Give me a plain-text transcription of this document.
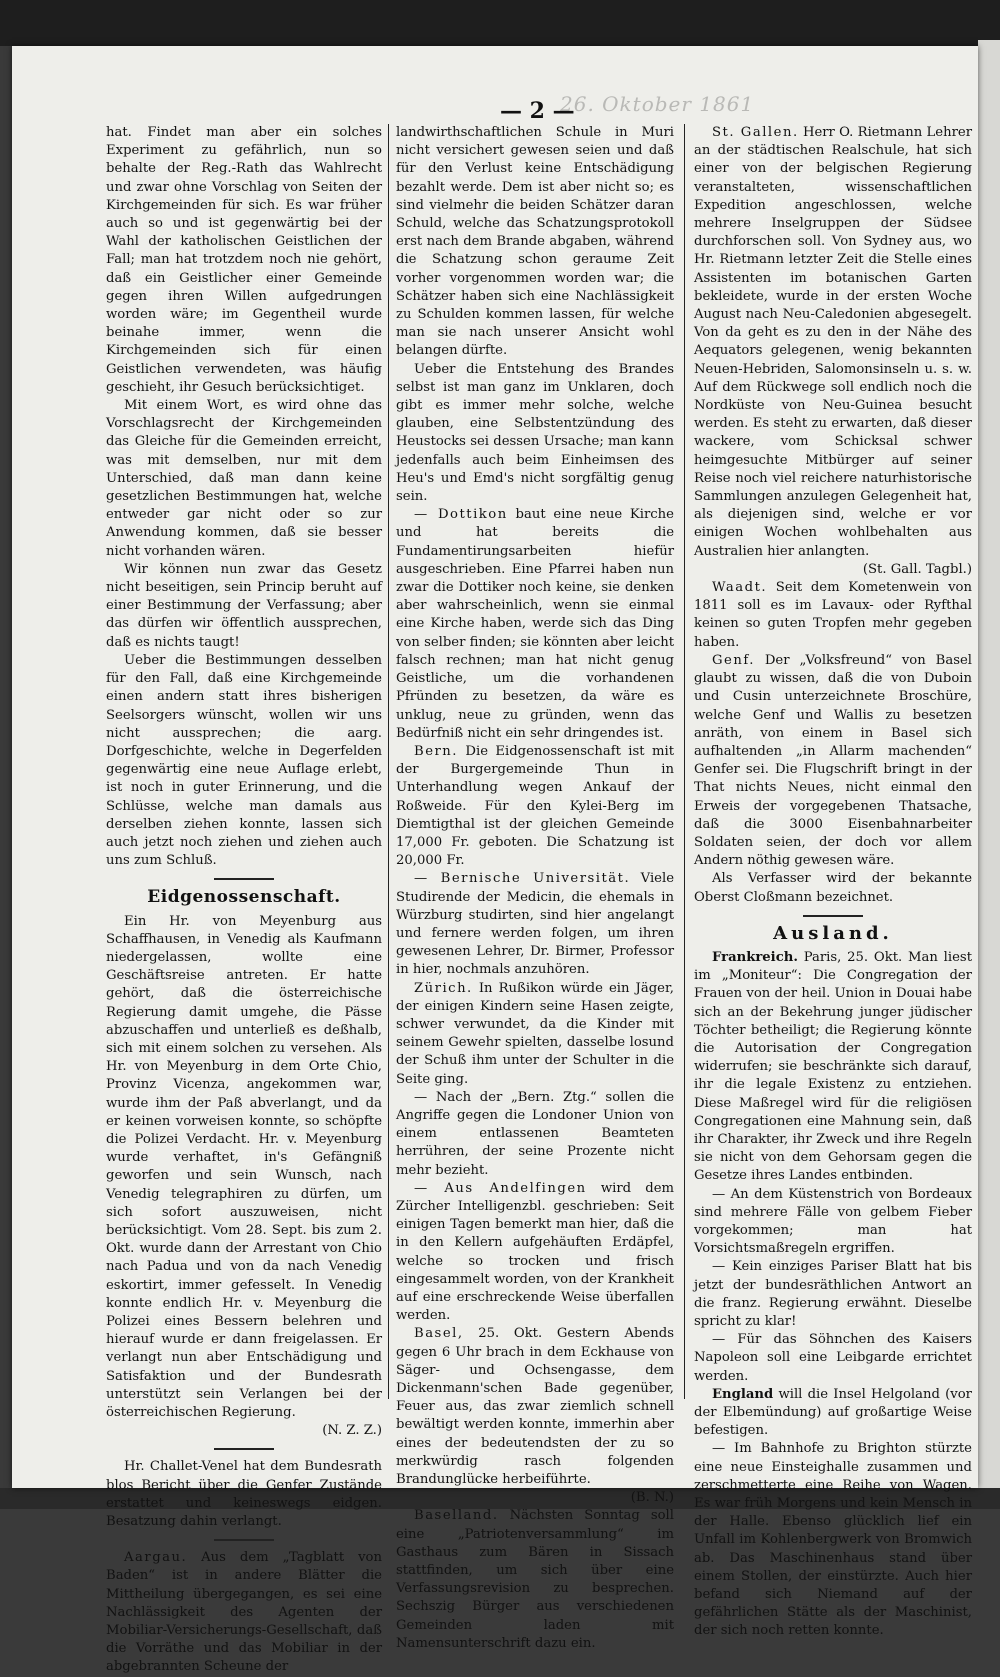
26. Oktober 1861
— 2 —

hat. Findet man aber ein solches Experiment zu gefährlich, nun so behalte der Reg.-Rath das Wahlrecht und zwar ohne Vorschlag von Seiten der Kirchgemeinden für sich. Es war früher auch so und ist gegenwärtig bei der Wahl der katholischen Geistlichen der Fall; man hat trotzdem noch nie gehört, daß ein Geistlicher einer Gemeinde gegen ihren Willen aufgedrungen worden wäre; im Gegentheil wurde beinahe immer, wenn die Kirchgemeinden sich für einen Geistlichen verwendeten, was häufig geschieht, ihr Gesuch berücksichtiget.

Mit einem Wort, es wird ohne das Vorschlagsrecht der Kirchgemeinden das Gleiche für die Gemeinden erreicht, was mit demselben, nur mit dem Unterschied, daß man dann keine gesetzlichen Bestimmungen hat, welche entweder gar nicht oder so zur Anwendung kommen, daß sie besser nicht vorhanden wären.

Wir können nun zwar das Gesetz nicht beseitigen, sein Princip beruht auf einer Bestimmung der Verfassung; aber das dürfen wir öffentlich aussprechen, daß es nichts taugt!

Ueber die Bestimmungen desselben für den Fall, daß eine Kirchgemeinde einen andern statt ihres bisherigen Seelsorgers wünscht, wollen wir uns nicht aussprechen; die aarg. Dorfgeschichte, welche in Degerfelden gegenwärtig eine neue Auflage erlebt, ist noch in guter Erinnerung, und die Schlüsse, welche man damals aus derselben ziehen konnte, lassen sich auch jetzt noch ziehen und ziehen auch uns zum Schluß.

Eidgenossenschaft.

Ein Hr. von Meyenburg aus Schaffhausen, in Venedig als Kaufmann niedergelassen, wollte eine Geschäftsreise antreten. Er hatte gehört, daß die österreichische Regierung damit umgehe, die Pässe abzuschaffen und unterließ es deßhalb, sich mit einem solchen zu versehen. Als Hr. von Meyenburg in dem Orte Chio, Provinz Vicenza, angekommen war, wurde ihm der Paß abverlangt, und da er keinen vorweisen konnte, so schöpfte die Polizei Verdacht. Hr. v. Meyenburg wurde verhaftet, in's Gefängniß geworfen und sein Wunsch, nach Venedig telegraphiren zu dürfen, um sich sofort auszuweisen, nicht berücksichtigt. Vom 28. Sept. bis zum 2. Okt. wurde dann der Arrestant von Chio nach Padua und von da nach Venedig eskortirt, immer gefesselt. In Venedig konnte endlich Hr. v. Meyenburg die Polizei eines Bessern belehren und hierauf wurde er dann freigelassen. Er verlangt nun aber Entschädigung und Satisfaktion und der Bundesrath unterstützt sein Verlangen bei der österreichischen Regierung.

(N. Z. Z.)

Hr. Challet-Venel hat dem Bundesrath blos Bericht über die Genfer Zustände erstattet und keineswegs eidgen. Besatzung dahin verlangt.

Aargau. Aus dem „Tagblatt von Baden“ ist in andere Blätter die Mittheilung übergegangen, es sei eine Nachlässigkeit des Agenten der Mobiliar-Versicherungs-Gesellschaft, daß die Vorräthe und das Mobiliar in der abgebrannten Scheune der

landwirthschaftlichen Schule in Muri nicht versichert gewesen seien und daß für den Verlust keine Entschädigung bezahlt werde. Dem ist aber nicht so; es sind vielmehr die beiden Schätzer daran Schuld, welche das Schatzungsprotokoll erst nach dem Brande abgaben, während die Schatzung schon geraume Zeit vorher vorgenommen worden war; die Schätzer haben sich eine Nachlässigkeit zu Schulden kommen lassen, für welche man sie nach unserer Ansicht wohl belangen dürfte.

Ueber die Entstehung des Brandes selbst ist man ganz im Unklaren, doch gibt es immer mehr solche, welche glauben, eine Selbstentzündung des Heustocks sei dessen Ursache; man kann jedenfalls auch beim Einheimsen des Heu's und Emd's nicht sorgfältig genug sein.

— Dottikon baut eine neue Kirche und hat bereits die Fundamentirungsarbeiten hiefür ausgeschrieben. Eine Pfarrei haben nun zwar die Dottiker noch keine, sie denken aber wahrscheinlich, wenn sie einmal eine Kirche haben, werde sich das Ding von selber finden; sie könnten aber leicht falsch rechnen; man hat nicht genug Geistliche, um die vorhandenen Pfründen zu besetzen, da wäre es unklug, neue zu gründen, wenn das Bedürfniß nicht ein sehr dringendes ist.

Bern. Die Eidgenossenschaft ist mit der Burgergemeinde Thun in Unterhandlung wegen Ankauf der Roßweide. Für den Kylei-Berg im Diemtigthal ist der gleichen Gemeinde 17,000 Fr. geboten. Die Schatzung ist 20,000 Fr.

— Bernische Universität. Viele Studirende der Medicin, die ehemals in Würzburg studirten, sind hier angelangt und fernere werden folgen, um ihren gewesenen Lehrer, Dr. Birmer, Professor in hier, nochmals anzuhören.

Zürich. In Rußikon würde ein Jäger, der einigen Kindern seine Hasen zeigte, schwer verwundet, da die Kinder mit seinem Gewehr spielten, dasselbe losund der Schuß ihm unter der Schulter in die Seite ging.

— Nach der „Bern. Ztg.“ sollen die Angriffe gegen die Londoner Union von einem entlassenen Beamteten herrühren, der seine Prozente nicht mehr bezieht.

— Aus Andelfingen wird dem Zürcher Intelligenzbl. geschrieben: Seit einigen Tagen bemerkt man hier, daß die in den Kellern aufgehäuften Erdäpfel, welche so trocken und frisch eingesammelt worden, von der Krankheit auf eine erschreckende Weise überfallen werden.

Basel, 25. Okt. Gestern Abends gegen 6 Uhr brach in dem Eckhause von Säger- und Ochsengasse, dem Dickenmann'schen Bade gegenüber, Feuer aus, das zwar ziemlich schnell bewältigt werden konnte, immerhin aber eines der bedeutendsten der zu so merkwürdig rasch folgenden Brandunglücke herbeiführte.

(B. N.)

Baselland. Nächsten Sonntag soll eine „Patriotenversammlung“ im Gasthaus zum Bären in Sissach stattfinden, um sich über eine Verfassungsrevision zu besprechen. Sechszig Bürger aus verschiedenen Gemeinden laden mit Namensunterschrift dazu ein.

St. Gallen. Herr O. Rietmann Lehrer an der städtischen Realschule, hat sich einer von der belgischen Regierung veranstalteten, wissenschaftlichen Expedition angeschlossen, welche mehrere Inselgruppen der Südsee durchforschen soll. Von Sydney aus, wo Hr. Rietmann letzter Zeit die Stelle eines Assistenten im botanischen Garten bekleidete, wurde in der ersten Woche August nach Neu-Caledonien abgesegelt. Von da geht es zu den in der Nähe des Aequators gelegenen, wenig bekannten Neuen-Hebriden, Salomonsinseln u. s. w. Auf dem Rückwege soll endlich noch die Nordküste von Neu-Guinea besucht werden. Es steht zu erwarten, daß dieser wackere, vom Schicksal schwer heimgesuchte Mitbürger auf seiner Reise noch viel reichere naturhistorische Sammlungen anzulegen Gelegenheit hat, als diejenigen sind, welche er vor einigen Wochen wohlbehalten aus Australien hier anlangten.

(St. Gall. Tagbl.)

Waadt. Seit dem Kometenwein von 1811 soll es im Lavaux- oder Ryfthal keinen so guten Tropfen mehr gegeben haben.

Genf. Der „Volksfreund“ von Basel glaubt zu wissen, daß die von Duboin und Cusin unterzeichnete Broschüre, welche Genf und Wallis zu besetzen anräth, von einem in Basel sich aufhaltenden „in Allarm machenden“ Genfer sei. Die Flugschrift bringt in der That nichts Neues, nicht einmal den Erweis der vorgegebenen Thatsache, daß die 3000 Eisenbahnarbeiter Soldaten seien, der doch vor allem Andern nöthig gewesen wäre.

Als Verfasser wird der bekannte Oberst Cloßmann bezeichnet.

Ausland.

Frankreich. Paris, 25. Okt. Man liest im „Moniteur“: Die Congregation der Frauen von der heil. Union in Douai habe sich an der Bekehrung junger jüdischer Töchter betheiligt; die Regierung könnte die Autorisation der Congregation widerrufen; sie beschränkte sich darauf, ihr die legale Existenz zu entziehen. Diese Maßregel wird für die religiösen Congregationen eine Mahnung sein, daß ihr Charakter, ihr Zweck und ihre Regeln sie nicht von dem Gehorsam gegen die Gesetze ihres Landes entbinden.

— An dem Küstenstrich von Bordeaux sind mehrere Fälle von gelbem Fieber vorgekommen; man hat Vorsichtsmaßregeln ergriffen.

— Kein einziges Pariser Blatt hat bis jetzt der bundesräthlichen Antwort an die franz. Regierung erwähnt. Dieselbe spricht zu klar!

— Für das Söhnchen des Kaisers Napoleon soll eine Leibgarde errichtet werden.

England will die Insel Helgoland (vor der Elbemündung) auf großartige Weise befestigen.

— Im Bahnhofe zu Brighton stürzte eine neue Einsteighalle zusammen und zerschmetterte eine Reihe von Wagen. Es war früh Morgens und kein Mensch in der Halle. Ebenso glücklich lief ein Unfall im Kohlenbergwerk von Bromwich ab. Das Maschinenhaus stand über einem Stollen, der einstürzte. Auch hier befand sich Niemand auf der gefährlichen Stätte als der Maschinist, der sich noch retten konnte.
